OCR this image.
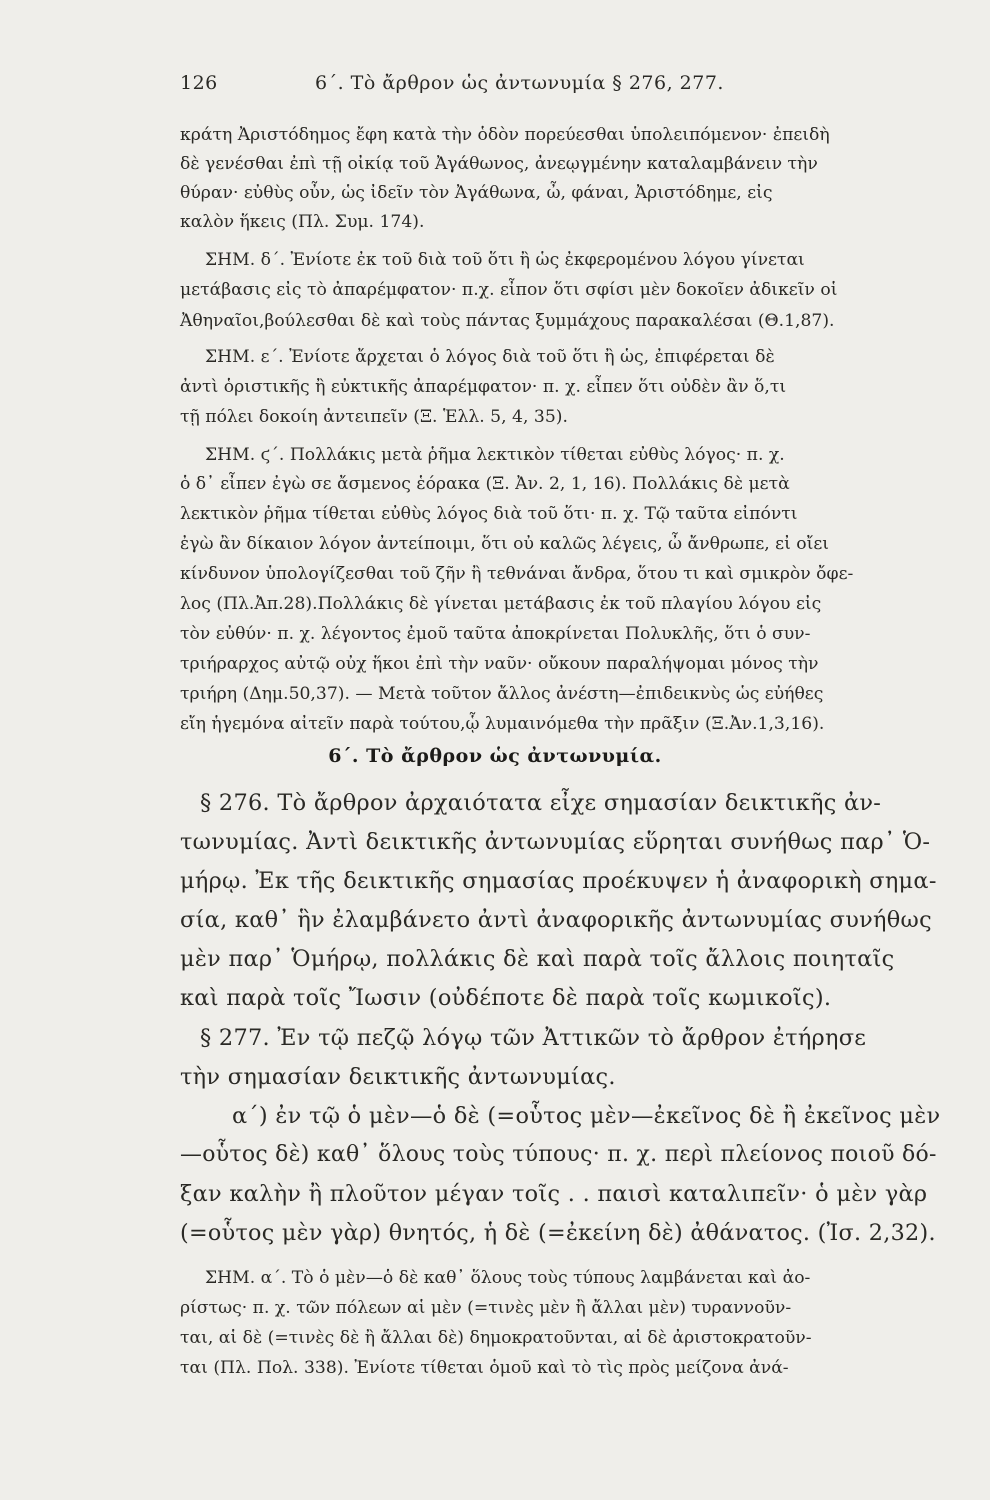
126	6΄. Τὸ ἄρθρον ὡς ἀντωνυμία § 276, 277.
κράτη Ἀριστόδημος ἔφη κατὰ τὴν ὁδὸν πορεύεσθαι ὑπολειπόμενον· ἐπειδὴ
δὲ γενέσθαι ἐπὶ τῇ οἰκίᾳ τοῦ Ἀγάθωνος, ἀνεῳγμένην καταλαμβάνειν τὴν
θύραν· εὐθὺς οὖν, ὡς ἰδεῖν τὸν Ἀγάθωνα, ὦ, φάναι, Ἀριστόδημε, εἰς
καλὸν ἥκεις (Πλ. Συμ. 174).
ΣΗΜ. δ΄. Ἐνίοτε ἐκ τοῦ διὰ τοῦ ὅτι ἢ ὡς ἐκφερομένου λόγου γίνεται
μετάβασις εἰς τὸ ἀπαρέμφατον· π.χ. εἶπον ὅτι σφίσι μὲν δοκοῖεν ἀδικεῖν οἱ
Ἀθηναῖοι,βούλεσθαι δὲ καὶ τοὺς πάντας ξυμμάχους παρακαλέσαι (Θ.1,87).
ΣΗΜ. ε΄. Ἐνίοτε ἄρχεται ὁ λόγος διὰ τοῦ ὅτι ἢ ὡς, ἐπιφέρεται δὲ
ἀντὶ ὁριστικῆς ἢ εὐκτικῆς ἀπαρέμφατον· π. χ. εἶπεν ὅτι οὐδὲν ἂν ὅ,τι
τῇ πόλει δοκοίη ἀντειπεῖν (Ξ. Ἑλλ. 5, 4, 35).
ΣΗΜ. ϛ΄. Πολλάκις μετὰ ῥῆμα λεκτικὸν τίθεται εὐθὺς λόγος· π. χ.
ὁ δ᾽ εἶπεν ἐγὼ σε ἄσμενος ἑόρακα (Ξ. Ἀν. 2, 1, 16). Πολλάκις δὲ μετὰ
λεκτικὸν ῥῆμα τίθεται εὐθὺς λόγος διὰ τοῦ ὅτι· π. χ. Τῷ ταῦτα εἰπόντι
ἐγὼ ἂν δίκαιον λόγον ἀντείποιμι, ὅτι οὐ καλῶς λέγεις, ὦ ἄνθρωπε, εἰ οἴει
κίνδυνον ὑπολογίζεσθαι τοῦ ζῆν ἢ τεθνάναι ἄνδρα, ὅτου τι καὶ σμικρὸν ὄφε-
λος (Πλ.Ἀπ.28).Πολλάκις δὲ γίνεται μετάβασις ἐκ τοῦ πλαγίου λόγου εἰς
τὸν εὐθύν· π. χ. λέγοντος ἐμοῦ ταῦτα ἀποκρίνεται Πολυκλῆς, ὅτι ὁ συν-
τριήραρχος αὐτῷ οὐχ ἥκοι ἐπὶ τὴν ναῦν· οὔκουν παραλήψομαι μόνος τὴν
τριήρη (Δημ.50,37). — Μετὰ τοῦτον ἄλλος ἀνέστη—ἐπιδεικνὺς ὡς εὐήθες
εἴη ἡγεμόνα αἰτεῖν παρὰ τούτου,ᾧ λυμαινόμεθα τὴν πρᾶξιν (Ξ.Ἀν.1,3,16).
6΄. Τὸ ἄρθρον ὡς ἀντωνυμία.
§ 276. Τὸ ἄρθρον ἀρχαιότατα εἶχε σημασίαν δεικτικῆς ἀν-
τωνυμίας. Ἀντὶ δεικτικῆς ἀντωνυμίας εὕρηται συνήθως παρ᾽ Ὁ-
μήρῳ. Ἐκ τῆς δεικτικῆς σημασίας προέκυψεν ἡ ἀναφορικὴ σημα-
σία, καθ᾽ ἣν ἐλαμβάνετο ἀντὶ ἀναφορικῆς ἀντωνυμίας συνήθως
μὲν παρ᾽ Ὁμήρῳ, πολλάκις δὲ καὶ παρὰ τοῖς ἄλλοις ποιηταῖς
καὶ παρὰ τοῖς Ἴωσιν (οὐδέποτε δὲ παρὰ τοῖς κωμικοῖς).
§ 277. Ἐν τῷ πεζῷ λόγῳ τῶν Ἀττικῶν τὸ ἄρθρον ἐτήρησε
τὴν σημασίαν δεικτικῆς ἀντωνυμίας.
α΄) ἐν τῷ ὁ μὲν—ὁ δὲ (=οὗτος μὲν—ἐκεῖνος δὲ ἢ ἐκεῖνος μὲν
—οὗτος δὲ) καθ᾽ ὅλους τοὺς τύπους· π. χ. περὶ πλείονος ποιοῦ δό-
ξαν καλὴν ἢ πλοῦτον μέγαν τοῖς . . παισὶ καταλιπεῖν· ὁ μὲν γὰρ
(=οὗτος μὲν γὰρ) θνητός, ἡ δὲ (=ἐκείνη δὲ) ἀθάνατος. (Ἰσ. 2,32).
ΣΗΜ. α΄. Τὸ ὁ μὲν—ὁ δὲ καθ᾽ ὅλους τοὺς τύπους λαμβάνεται καὶ ἀο-
ρίστως· π. χ. τῶν πόλεων αἱ μὲν (=τινὲς μὲν ἢ ἄλλαι μὲν) τυραννοῦν-
ται, αἱ δὲ (=τινὲς δὲ ἢ ἄλλαι δὲ) δημοκρατοῦνται, αἱ δὲ ἀριστοκρατοῦν-
ται (Πλ. Πολ. 338). Ἐνίοτε τίθεται ὁμοῦ καὶ τὸ τὶς πρὸς μείζονα ἀνά-
